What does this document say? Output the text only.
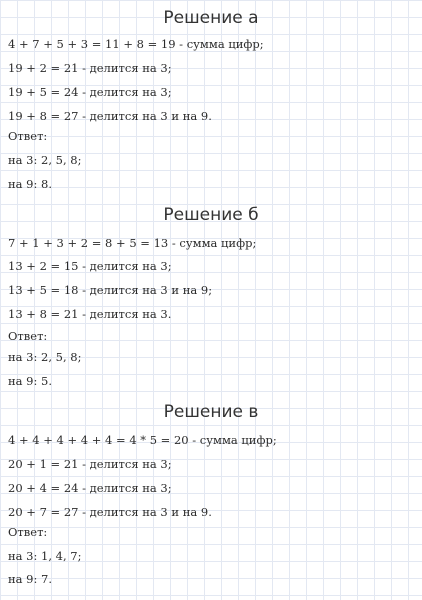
Решение а
4 + 7 + 5 + 3 = 11 + 8 = 19 - сумма цифр;
19 + 2 = 21 - делится на 3;
19 + 5 = 24 - делится на 3;
19 + 8 = 27 - делится на 3 и на 9.
Ответ:
на 3: 2, 5, 8;
на 9: 8.
Решение б
7 + 1 + 3 + 2 = 8 + 5 = 13 - сумма цифр;
13 + 2 = 15 - делится на 3;
13 + 5 = 18 - делится на 3 и на 9;
13 + 8 = 21 - делится на 3.
Ответ:
на 3: 2, 5, 8;
на 9: 5.
Решение в
4 + 4 + 4 + 4 + 4 = 4 * 5 = 20 - сумма цифр;
20 + 1 = 21 - делится на 3;
20 + 4 = 24 - делится на 3;
20 + 7 = 27 - делится на 3 и на 9.
Ответ:
на 3: 1, 4, 7;
на 9: 7.
